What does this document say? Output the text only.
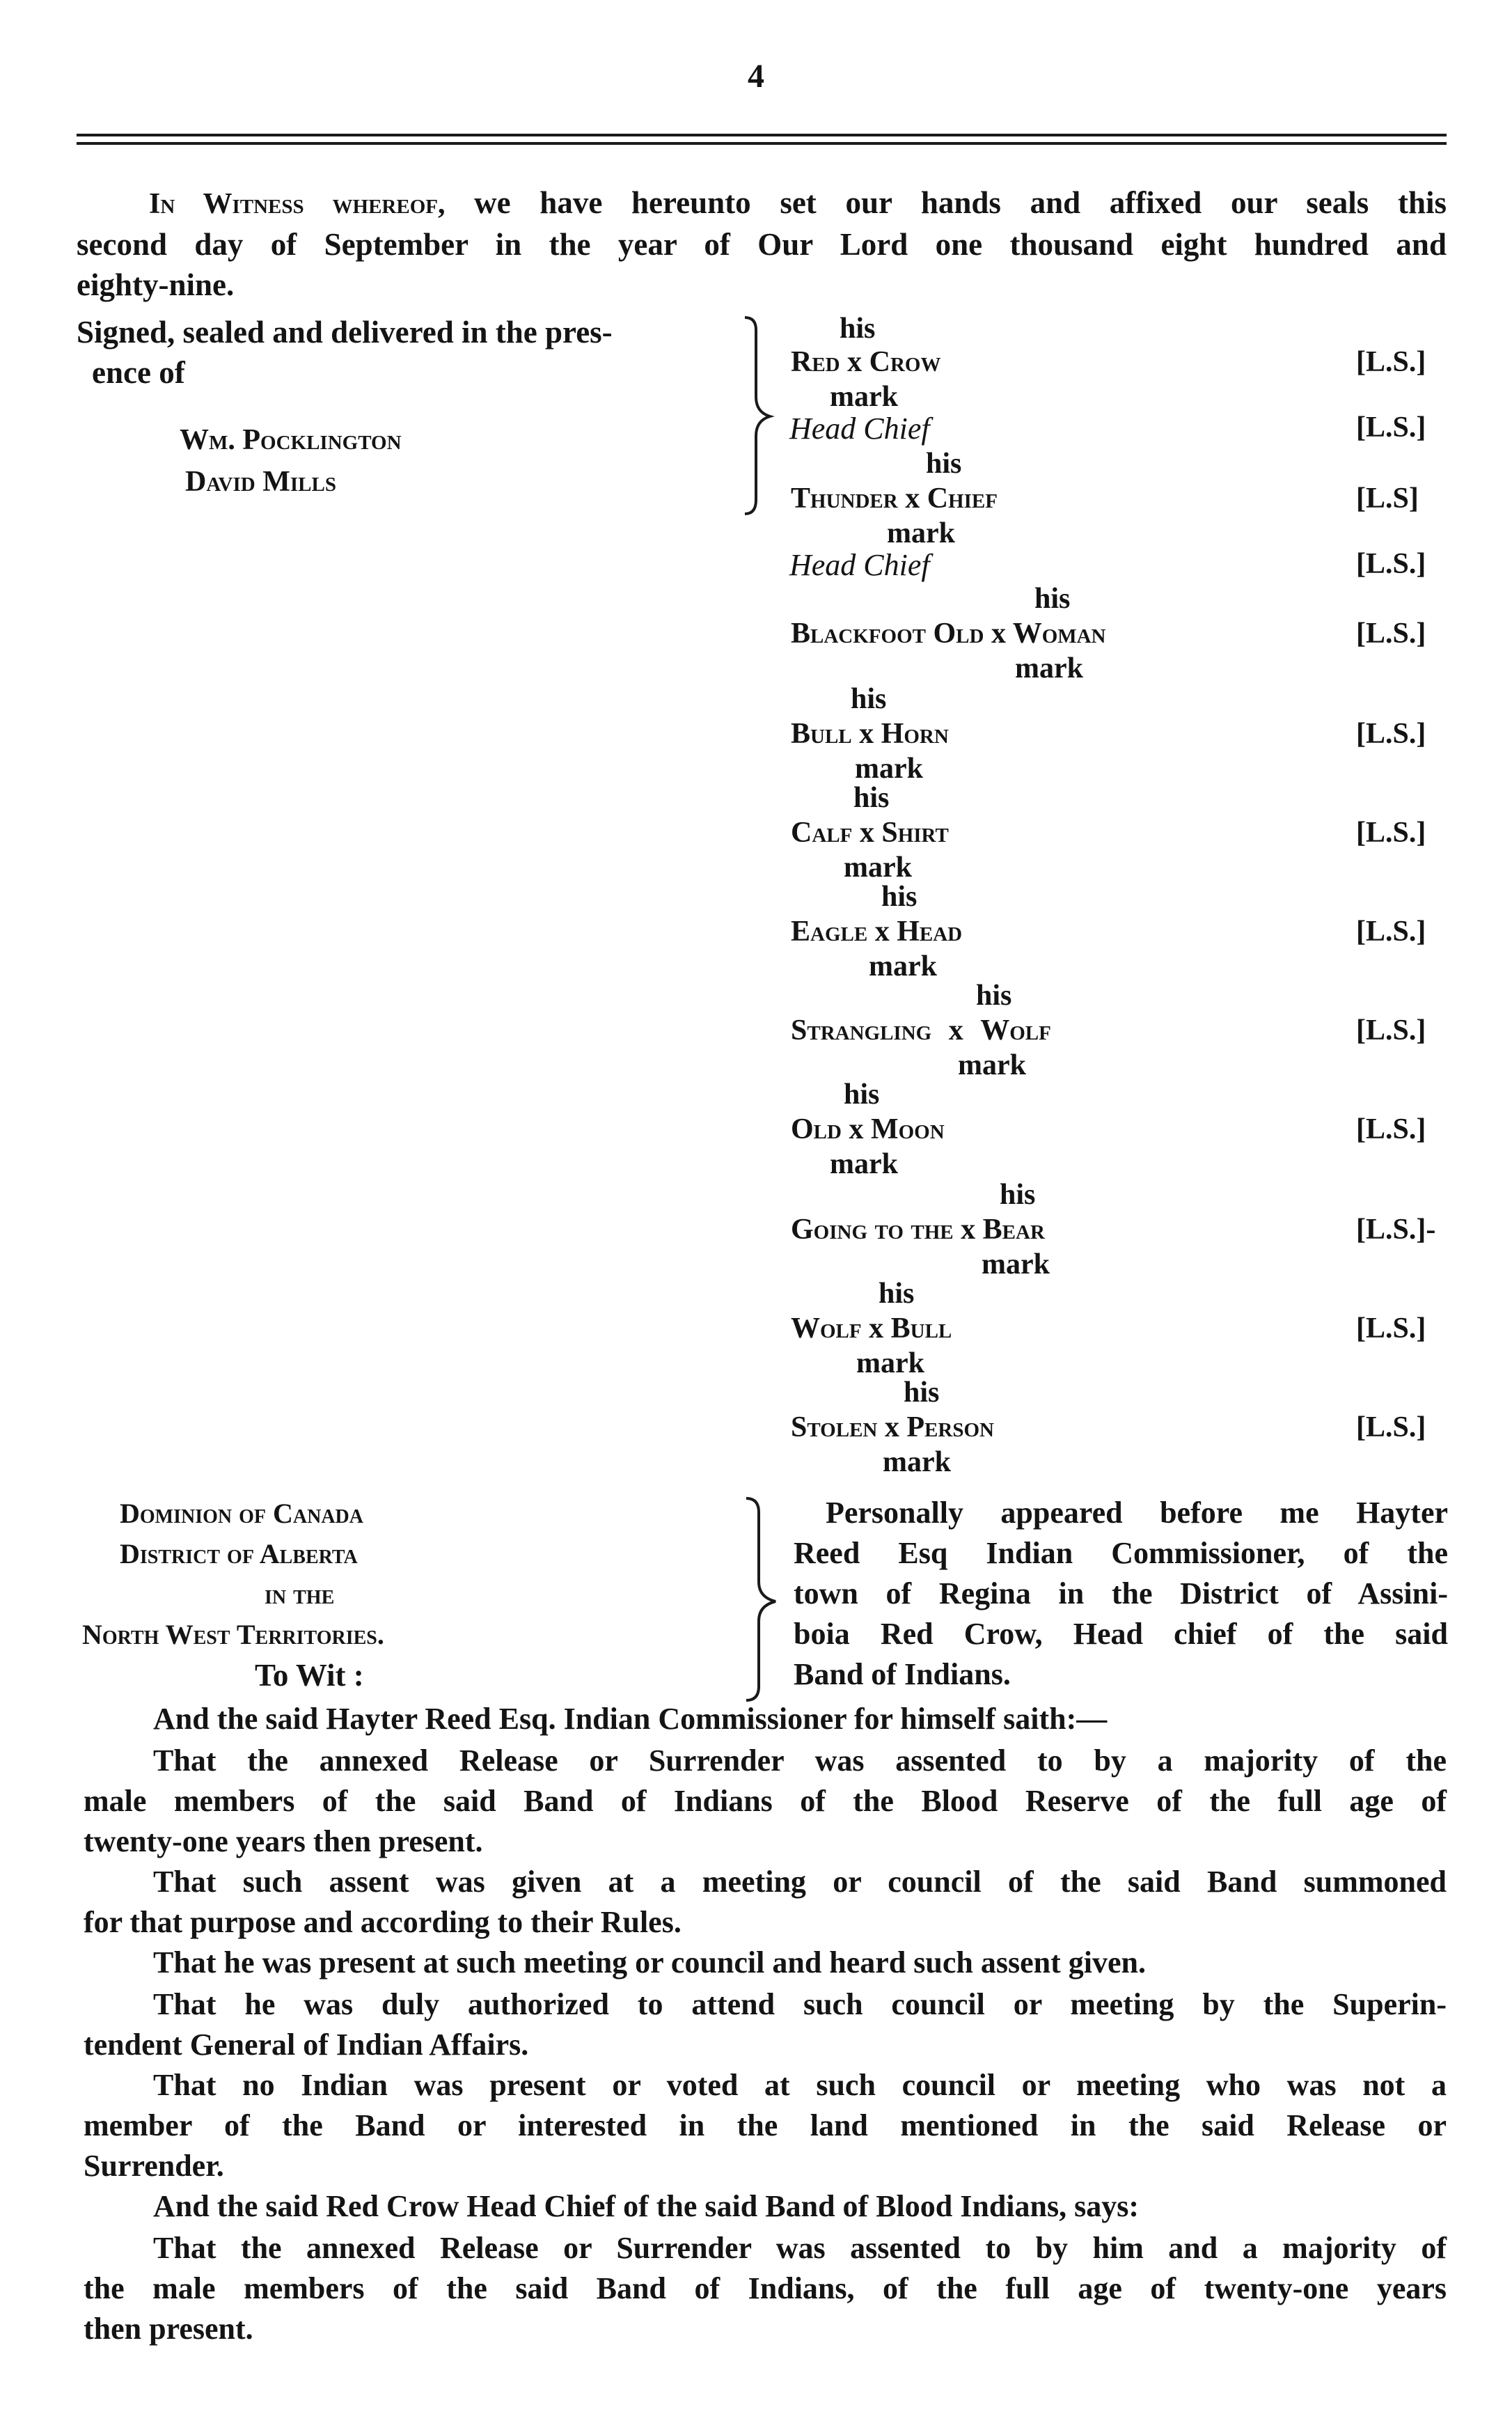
4
In Witness whereof, we have hereunto set our hands and affixed our seals this
second day of September in the year of Our Lord one thousand eight hundred and
eighty-nine.
Signed, sealed and delivered in the pres-
ence of
Wm. Pocklington
David Mills
his
Red x Crow	[L.S.]
mark
Head Chief	[L.S.]
his
Thunder x Chief	[L.S]
mark
Head Chief	[L.S.]
his
Blackfoot Old x Woman	[L.S.]
mark
his
Bull x Horn	[L.S.]
mark
his
Calf x Shirt	[L.S.]
mark
his
Eagle x Head	[L.S.]
mark
his
Strangling x Wolf	[L.S.]
mark
his
Old x Moon	[L.S.]
mark
his
Going to the x Bear	[L.S.]-
mark
his
Wolf x Bull	[L.S.]
mark
his
Stolen x Person	[L.S.]
mark
Dominion of Canada
District of Alberta
in the
North West Territories.
To Wit :
Personally appeared before me Hayter
Reed Esq Indian Commissioner, of the
town of Regina in the District of Assini-
boia Red Crow, Head chief of the said
Band of Indians.
And the said Hayter Reed Esq. Indian Commissioner for himself saith:—
That the annexed Release or Surrender was assented to by a majority of the
male members of the said Band of Indians of the Blood Reserve of the full age of
twenty-one years then present.
That such assent was given at a meeting or council of the said Band summoned
for that purpose and according to their Rules.
That he was present at such meeting or council and heard such assent given.
That he was duly authorized to attend such council or meeting by the Superin-
tendent General of Indian Affairs.
That no Indian was present or voted at such council or meeting who was not a
member of the Band or interested in the land mentioned in the said Release or
Surrender.
And the said Red Crow Head Chief of the said Band of Blood Indians, says:
That the annexed Release or Surrender was assented to by him and a majority of
the male members of the said Band of Indians, of the full age of twenty-one years
then present.
